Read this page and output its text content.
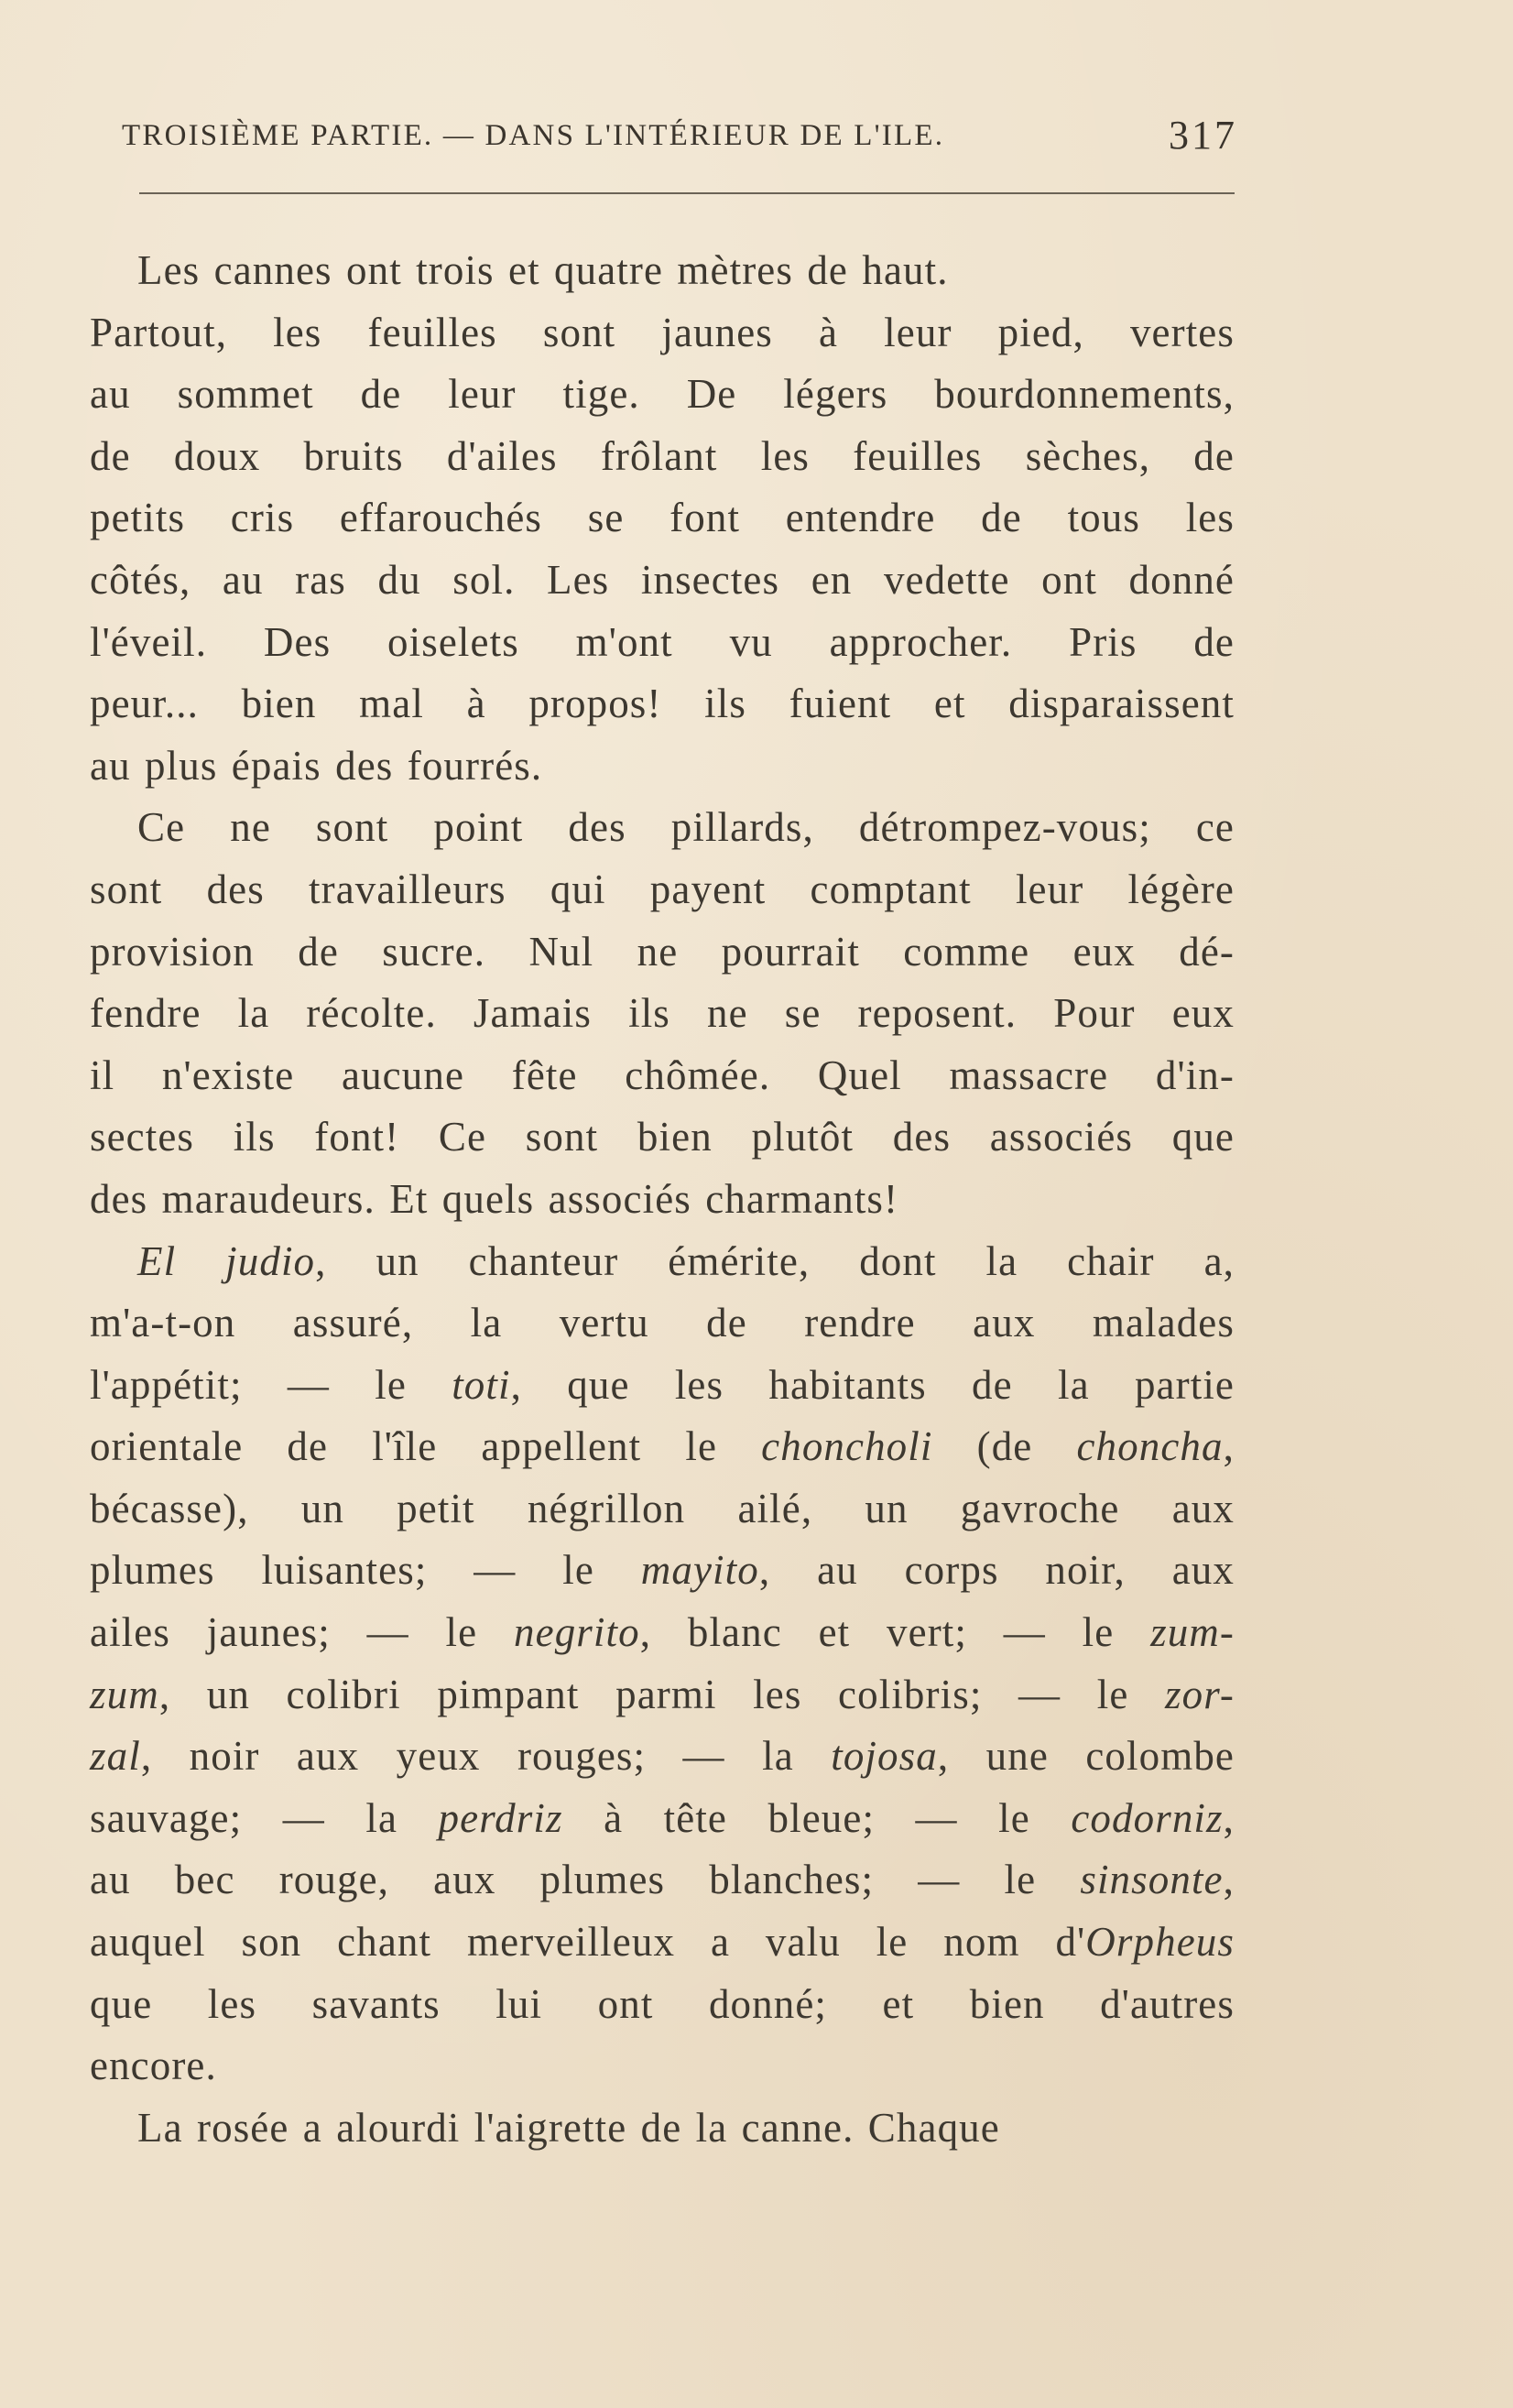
TROISIÈME PARTIE. — DANS L'INTÉRIEUR DE L'ILE.	317
Les cannes ont trois et quatre mètres de haut.
Partout, les feuilles sont jaunes à leur pied, vertes
au sommet de leur tige. De légers bourdonnements,
de doux bruits d'ailes frôlant les feuilles sèches, de
petits cris effarouchés se font entendre de tous les
côtés, au ras du sol. Les insectes en vedette ont donné
l'éveil. Des oiselets m'ont vu approcher. Pris de
peur... bien mal à propos! ils fuient et disparaissent
au plus épais des fourrés.
Ce ne sont point des pillards, détrompez-vous; ce
sont des travailleurs qui payent comptant leur légère
provision de sucre. Nul ne pourrait comme eux dé-
fendre la récolte. Jamais ils ne se reposent. Pour eux
il n'existe aucune fête chômée. Quel massacre d'in-
sectes ils font! Ce sont bien plutôt des associés que
des maraudeurs. Et quels associés charmants!
El judio, un chanteur émérite, dont la chair a,
m'a-t-on assuré, la vertu de rendre aux malades
l'appétit; — le toti, que les habitants de la partie
orientale de l'île appellent le choncholi (de choncha,
bécasse), un petit négrillon ailé, un gavroche aux
plumes luisantes; — le mayito, au corps noir, aux
ailes jaunes; — le negrito, blanc et vert; — le zum-
zum, un colibri pimpant parmi les colibris; — le zor-
zal, noir aux yeux rouges; — la tojosa, une colombe
sauvage; — la perdriz à tête bleue; — le codorniz,
au bec rouge, aux plumes blanches; — le sinsonte,
auquel son chant merveilleux a valu le nom d'Orpheus
que les savants lui ont donné; et bien d'autres
encore.
La rosée a alourdi l'aigrette de la canne. Chaque
